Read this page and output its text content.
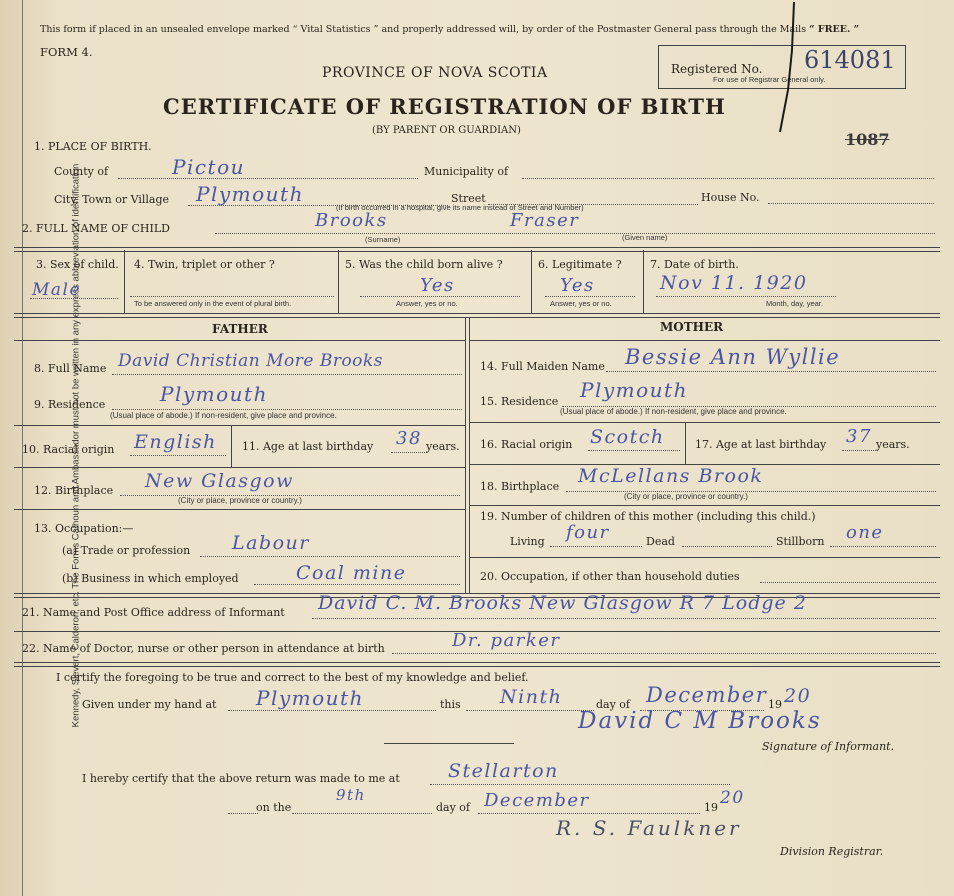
Kennedy, Sievert, Calderon, etc. The Forms Calhoun and Ambassador must not be written in any express abbreviation of identification
This form if placed in an unsealed envelope marked “ Vital Statistics ” and properly addressed will, by order of the Postmaster General pass through the Mails “ FREE. ”
FORM 4.
PROVINCE OF NOVA SCOTIA
CERTIFICATE OF REGISTRATION OF BIRTH
(BY PARENT OR GUARDIAN)
Registered No. 614081
For use of Registrar General only.
1087
1. PLACE OF BIRTH.
County of	Pictou	Municipality of
City, Town or Village Plymouth	Street	House No.
(If birth occurred in a hospital, give its name instead of Street and Number)
2. FULL NAME OF CHILD	Brooks	Fraser
(Surname)	(Given name)
3. Sex of child.
Male
4. Twin, triplet or other ?
To be answered only in the event of plural birth.
5. Was the child born alive ?
Yes
Answer, yes or no.
6. Legitimate ?
Yes
Answer, yes or no.
7. Date of birth.
Nov 11. 1920
Month, day, year.
FATHER	MOTHER
8. Full Name David Christian More Brooks
9. Residence	Plymouth
(Usual place of abode.) If non-resident, give place and province.
10. Racial origin English 11. Age at last birthday 38 years.
12. Birthplace New Glasgow
(City or place, province or country.)
13. Occupation:—
(a) Trade or profession Labour
(b) Business in which employed	Coal mine
14. Full Maiden Name Bessie Ann Wyllie
15. Residence Plymouth
(Usual place of abode.) If non-resident, give place and province.
16. Racial origin Scotch	17. Age at last birthday 37 years.
18. Birthplace McLellans Brook
(City or place, province or country.)
19. Number of children of this mother (including this child.)
Living four	Dead	Stillborn one
20. Occupation, if other than household duties
21. Name and Post Office address of Informant David C. M. Brooks New Glasgow R 7 Lodge 2
22. Name of Doctor, nurse or other person in attendance at birth	Dr. parker
I certify the foregoing to be true and correct to the best of my knowledge and belief.
Given under my hand at Plymouth	this Ninth	day of December 19 20
David C M Brooks
Signature of Informant.
I hereby certify that the above return was made to me at	Stellarton
on the
9th
day of December	19 20
R. S. Faulkner
Division Registrar.
